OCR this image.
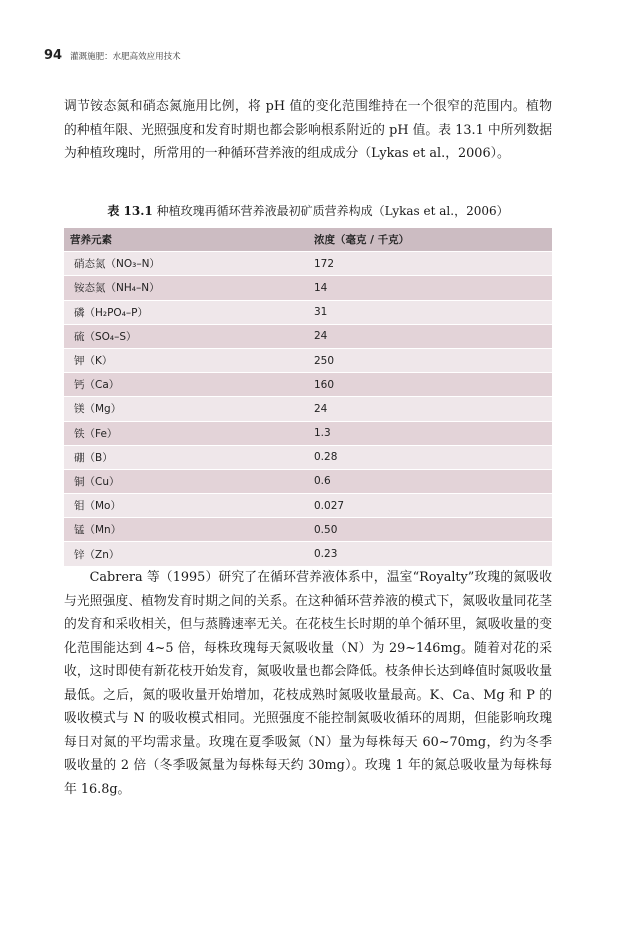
94 灌溉施肥：水肥高效应用技术

调节铵态氮和硝态氮施用比例，将 pH 值的变化范围维持在一个很窄的范围内。植物的种植年限、光照强度和发育时期也都会影响根系附近的 pH 值。表 13.1 中所列数据为种植玫瑰时，所常用的一种循环营养液的组成成分（Lykas et al.，2006）。

表 13.1 种植玫瑰再循环营养液最初矿质营养构成（Lykas et al.，2006）
营养元素	浓度（毫克 / 千克）
硝态氮（NO₃–N）	172
铵态氮（NH₄–N）	14
磷（H₂PO₄–P）	31
硫（SO₄–S）	24
钾（K）	250
钙（Ca）	160
镁（Mg）	24
铁（Fe）	1.3
硼（B）	0.28
铜（Cu）	0.6
钼（Mo）	0.027
锰（Mn）	0.50
锌（Zn）	0.23

Cabrera 等（1995）研究了在循环营养液体系中，温室“Royalty”玫瑰的氮吸收与光照强度、植物发育时期之间的关系。在这种循环营养液的模式下，氮吸收量同花茎的发育和采收相关，但与蒸腾速率无关。在花枝生长时期的单个循环里，氮吸收量的变化范围能达到 4~5 倍，每株玫瑰每天氮吸收量（N）为 29~146mg。随着对花的采收，这时即使有新花枝开始发育，氮吸收量也都会降低。枝条伸长达到峰值时氮吸收量最低。之后，氮的吸收量开始增加，花枝成熟时氮吸收量最高。K、Ca、Mg 和 P 的吸收模式与 N 的吸收模式相同。光照强度不能控制氮吸收循环的周期，但能影响玫瑰每日对氮的平均需求量。玫瑰在夏季吸氮（N）量为每株每天 60~70mg，约为冬季吸收量的 2 倍（冬季吸氮量为每株每天约 30mg）。玫瑰 1 年的氮总吸收量为每株每年 16.8g。
